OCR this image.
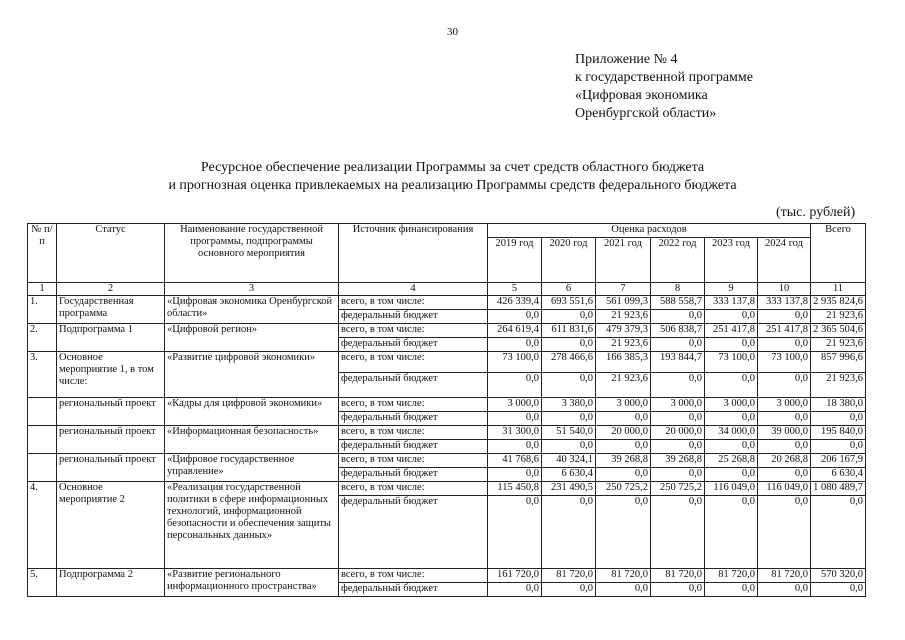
30
Приложение № 4
к государственной программе
«Цифровая экономика
Оренбургской области»
Ресурсное обеспечение реализации Программы за счет средств областного бюджета
и прогнозная оценка привлекаемых на реализацию Программы средств федерального бюджета
(тыс. рублей)
№ п/п	Статус	Наименование государственной программы, подпрограммы основного мероприятия	Источник финансирования	Оценка расходов						Всего
				2019 год	2020 год	2021 год	2022 год	2023 год	2024 год	
1	2	3	4	5	6	7	8	9	10	11
1.	Государственная программа	«Цифровая экономика Оренбургской области»	всего, в том числе:	426 339,4	693 551,6	561 099,3	588 558,7	333 137,8	333 137,8	2 935 824,6
			федеральный бюджет	0,0	0,0	21 923,6	0,0	0,0	0,0	21 923,6
2.	Подпрограмма 1	«Цифровой регион»	всего, в том числе:	264 619,4	611 831,6	479 379,3	506 838,7	251 417,8	251 417,8	2 365 504,6
			федеральный бюджет	0,0	0,0	21 923,6	0,0	0,0	0,0	21 923,6
3.	Основное мероприятие 1, в том числе:	«Развитие цифровой экономики»	всего, в том числе:	73 100,0	278 466,6	166 385,3	193 844,7	73 100,0	73 100,0	857 996,6
			федеральный бюджет	0,0	0,0	21 923,6	0,0	0,0	0,0	21 923,6
	региональный проект	«Кадры для цифровой экономики»	всего, в том числе:	3 000,0	3 380,0	3 000,0	3 000,0	3 000,0	3 000,0	18 380,0
			федеральный бюджет	0,0	0,0	0,0	0,0	0,0	0,0	0,0
	региональный проект	«Информационная безопасность»	всего, в том числе:	31 300,0	51 540,0	20 000,0	20 000,0	34 000,0	39 000,0	195 840,0
			федеральный бюджет	0,0	0,0	0,0	0,0	0,0	0,0	0,0
	региональный проект	«Цифровое государственное управление»	всего, в том числе:	41 768,6	40 324,1	39 268,8	39 268,8	25 268,8	20 268,8	206 167,9
			федеральный бюджет	0,0	6 630,4	0,0	0,0	0,0	0,0	6 630,4
4.	Основное мероприятие 2	«Реализация государственной политики в сфере информационных технологий, информационной безопасности и обеспечения защиты персональных данных»	всего, в том числе:	115 450,8	231 490,5	250 725,2	250 725,2	116 049,0	116 049,0	1 080 489,7
			федеральный бюджет	0,0	0,0	0,0	0,0	0,0	0,0	0,0
5.	Подпрограмма 2	«Развитие регионального информационного пространства»	всего, в том числе:	161 720,0	81 720,0	81 720,0	81 720,0	81 720,0	81 720,0	570 320,0
			федеральный бюджет	0,0	0,0	0,0	0,0	0,0	0,0	0,0
